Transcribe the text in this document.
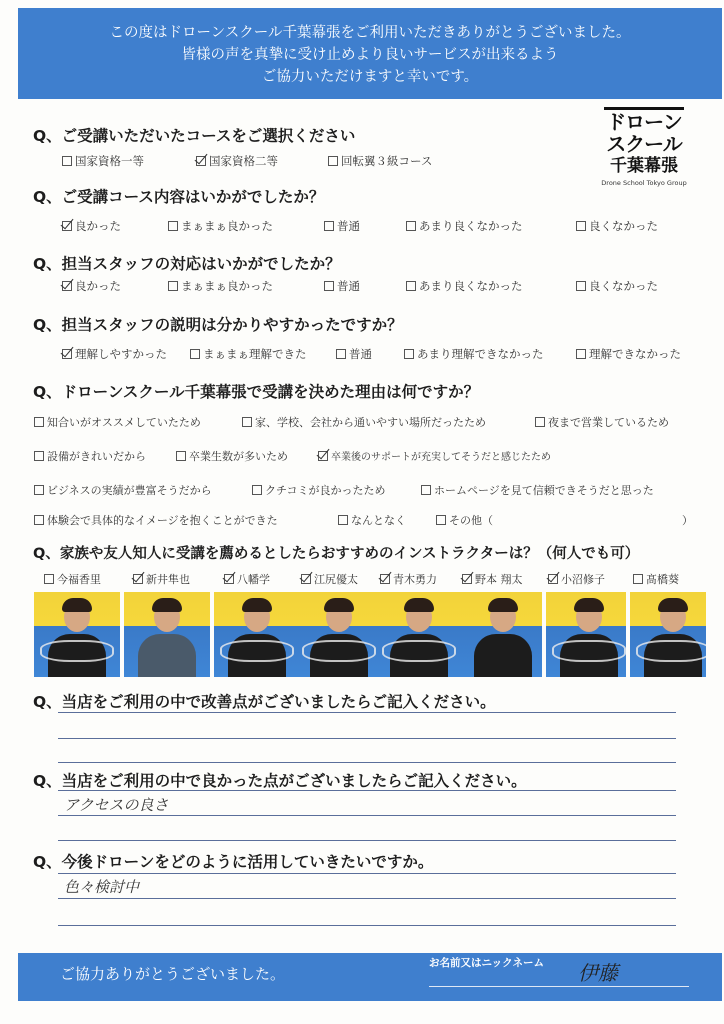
この度はドローンスクール千葉幕張をご利用いただきありがとうございました。
皆様の声を真摯に受け止めより良いサービスが出来るよう
ご協力いただけますと幸いです。
ドローン
スクール
千葉幕張
Drone School Tokyo Group
Q、ご受講いただいたコースをご選択ください
国家資格一等	国家資格二等	回転翼３級コース
Q、ご受講コース内容はいかがでしたか？
良かった	まぁまぁ良かった	普通	あまり良くなかった	良くなかった
Q、担当スタッフの対応はいかがでしたか？
良かった	まぁまぁ良かった	普通	あまり良くなかった	良くなかった
Q、担当スタッフの説明は分かりやすかったですか？
理解しやすかった	まぁまぁ理解できた	普通	あまり理解できなかった	理解できなかった
Q、ドローンスクール千葉幕張で受講を決めた理由は何ですか？
知合いがオススメしていたため	家、学校、会社から通いやすい場所だったため	夜まで営業しているため
設備がきれいだから	卒業生数が多いため	卒業後のサポートが充実してそうだと感じたため
ビジネスの実績が豊富そうだから	クチコミが良かったため	ホームページを見て信頼できそうだと思った
体験会で具体的なイメージを抱くことができた	なんとなく	その他（	）
Q、家族や友人知人に受講を薦めるとしたらおすすめのインストラクターは？（何人でも可）
今福香里	新井隼也	八幡学	江尻優太	青木勇力	野本 翔太	小沼修子	髙橋葵
Q、当店をご利用の中で改善点がございましたらご記入ください。
Q、当店をご利用の中で良かった点がございましたらご記入ください。
アクセスの良さ
Q、今後ドローンをどのように活用していきたいですか。
色々検討中
ご協力ありがとうございました。
お名前又はニックネーム 伊藤
